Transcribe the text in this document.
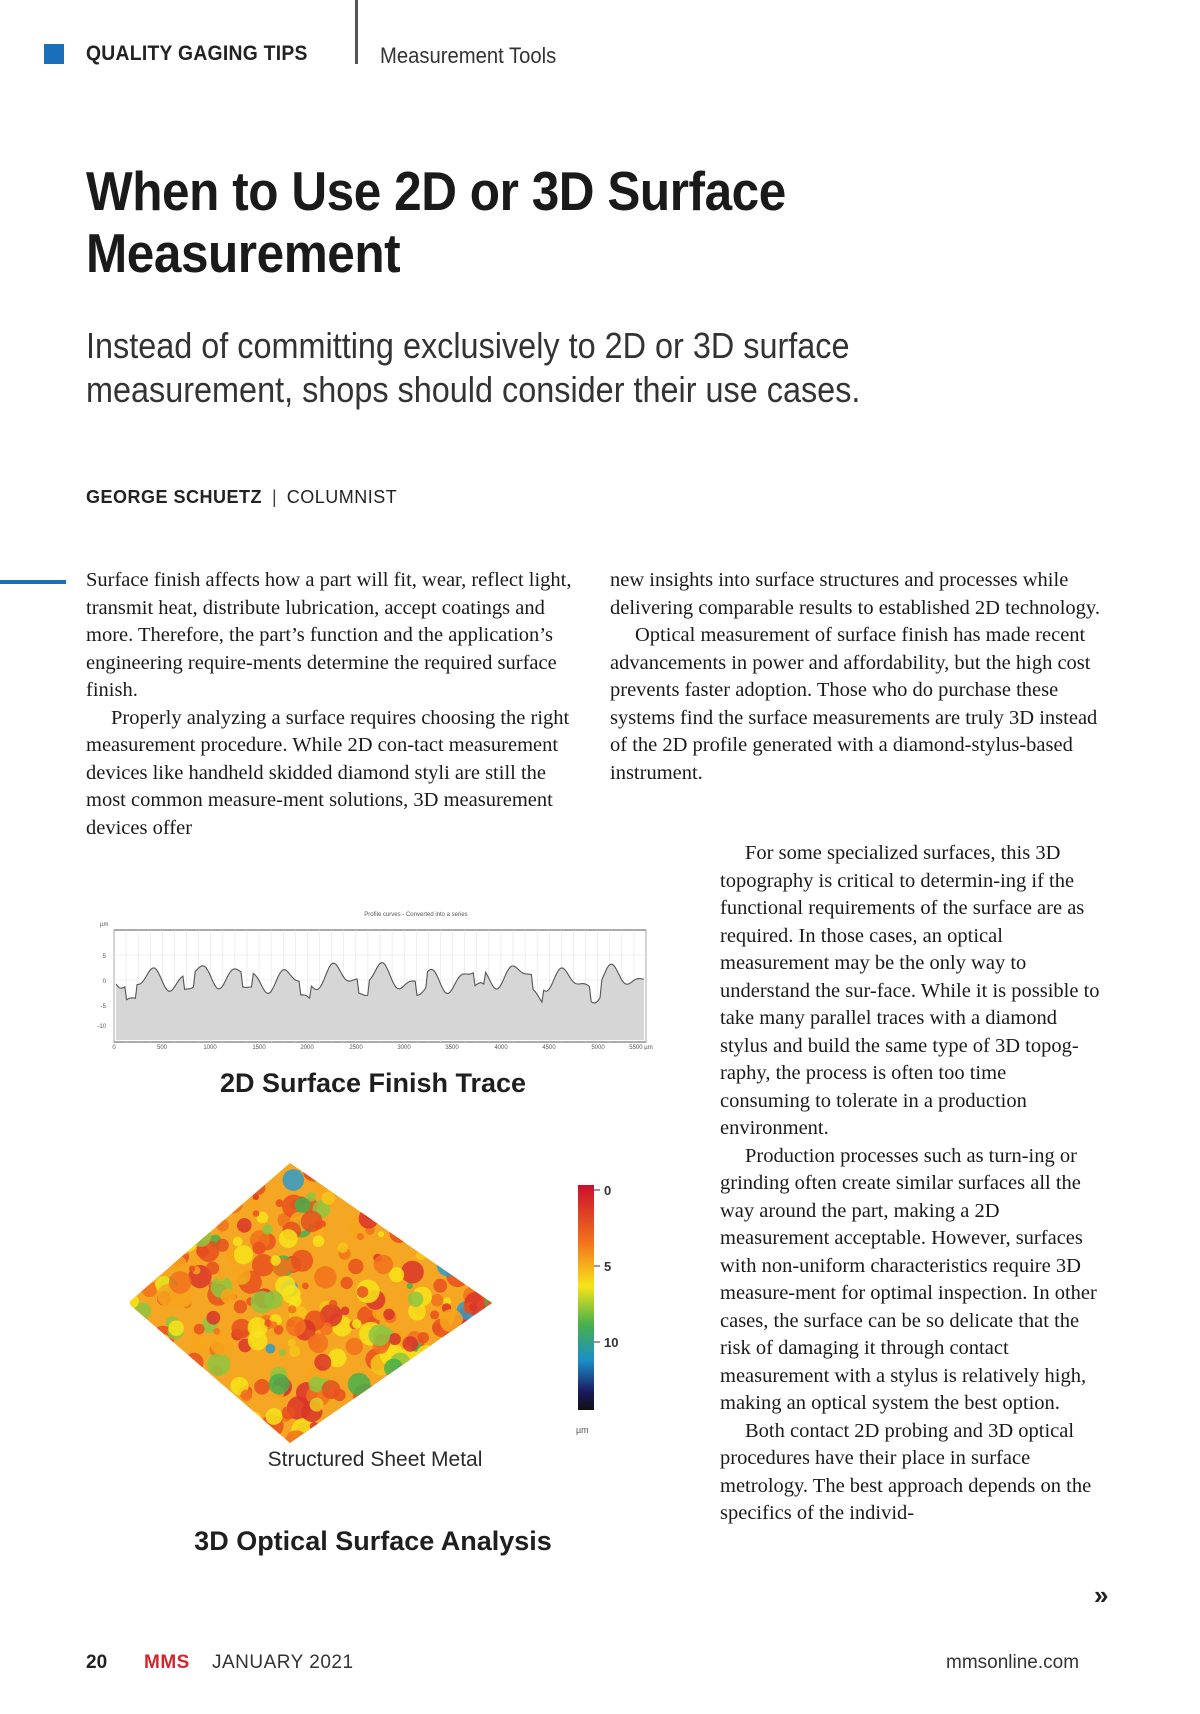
QUALITY GAGING TIPS	Measurement Tools
When to Use 2D or 3D Surface Measurement
Instead of committing exclusively to 2D or 3D surface measurement, shops should consider their use cases.
GEORGE SCHUETZ | COLUMNIST

Surface finish affects how a part will fit, wear, reflect light, transmit heat, distribute lubrication, accept coatings and more. Therefore, the part’s function and the application’s engineering require-ments determine the required surface finish.

Properly analyzing a surface requires choosing the right measurement procedure. While 2D con-tact measurement devices like handheld skidded diamond styli are still the most common measure-ment solutions, 3D measurement devices offer

new insights into surface structures and processes while delivering comparable results to established 2D technology.

Optical measurement of surface finish has made recent advancements in power and affordability, but the high cost prevents faster adoption. Those who do purchase these systems find the surface measurements are truly 3D instead of the 2D profile generated with a diamond-stylus-based instrument.

For some specialized surfaces, this 3D topography is critical to determin-ing if the functional requirements of the surface are as required. In those cases, an optical measurement may be the only way to understand the sur-face. While it is possible to take many parallel traces with a diamond stylus and build the same type of 3D topog-raphy, the process is often too time consuming to tolerate in a production environment.

Production processes such as turn-ing or grinding often create similar surfaces all the way around the part, making a 2D measurement acceptable. However, surfaces with non-uniform characteristics require 3D measure-ment for optimal inspection. In other cases, the surface can be so delicate that the risk of damaging it through contact measurement with a stylus is relatively high, making an optical system the best option.

Both contact 2D probing and 3D optical procedures have their place in surface metrology. The best approach depends on the specifics of the individ-

Profile curves - Converted into a series
µm
5
0
-5
-10
0	500	1000	1500	2000	2500	3000	3500	4000	4500	5000	5500 µm
2D Surface Finish Trace
0
5
10
µm
Structured Sheet Metal
3D Optical Surface Analysis
»
20 MMS JANUARY 2021	mmsonline.com
